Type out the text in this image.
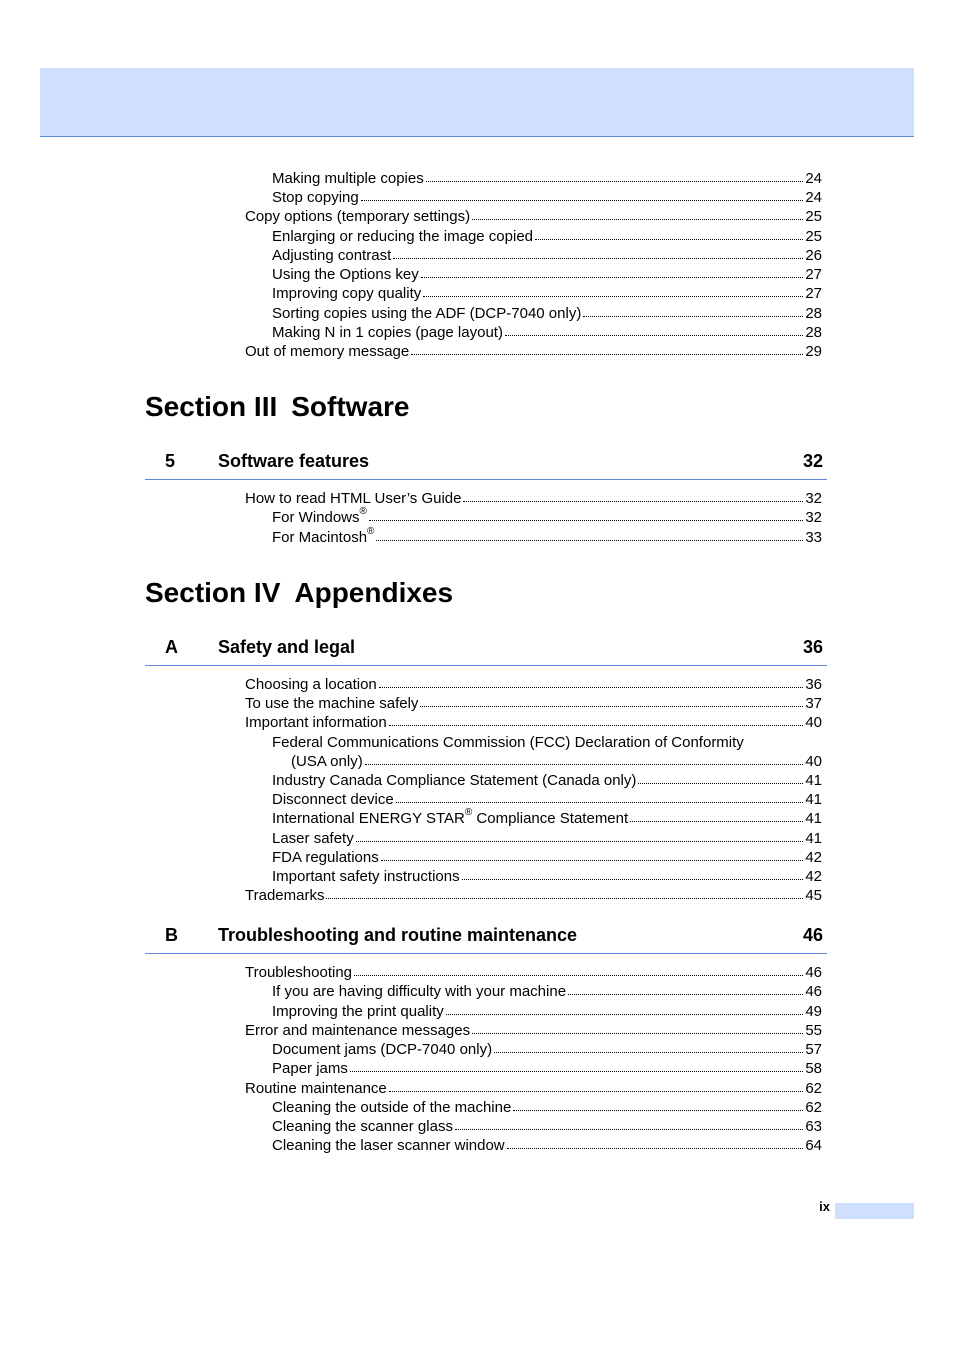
Making multiple copies	24
Stop copying	24
Copy options (temporary settings)	25
Enlarging or reducing the image copied	25
Adjusting contrast	26
Using the Options key	27
Improving copy quality	27
Sorting copies using the ADF (DCP-7040 only)	28
Making N in 1 copies (page layout)	28
Out of memory message	29
Section III Software
5 Software features	32
How to read HTML User’s Guide	32
For Windows®	32
For Macintosh®	33
Section IV Appendixes
A Safety and legal	36
Choosing a location	36
To use the machine safely	37
Important information	40
Federal Communications Commission (FCC) Declaration of Conformity
(USA only)	40
Industry Canada Compliance Statement (Canada only)	41
Disconnect device	41
International ENERGY STAR® Compliance Statement	41
Laser safety	41
FDA regulations	42
Important safety instructions	42
Trademarks	45
B Troubleshooting and routine maintenance	46
Troubleshooting	46
If you are having difficulty with your machine	46
Improving the print quality	49
Error and maintenance messages	55
Document jams (DCP-7040 only)	57
Paper jams	58
Routine maintenance	62
Cleaning the outside of the machine	62
Cleaning the scanner glass	63
Cleaning the laser scanner window	64
ix
